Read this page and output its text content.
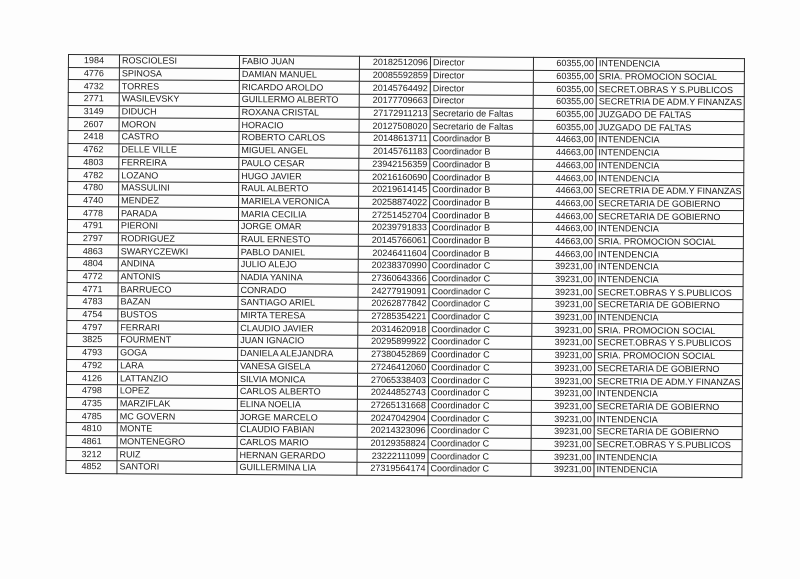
1984	ROSCIOLESI	FABIO JUAN	20182512096	Director	60355,00	INTENDENCIA
4776	SPINOSA	DAMIAN MANUEL	20085592859	Director	60355,00	SRIA. PROMOCION SOCIAL
4732	TORRES	RICARDO AROLDO	20145764492	Director	60355,00	SECRET.OBRAS Y S.PUBLICOS
2771	WASILEVSKY	GUILLERMO ALBERTO	20177709663	Director	60355,00	SECRETRIA DE ADM.Y FINANZAS
3149	DIDUCH	ROXANA CRISTAL	27172911213	Secretario de Faltas	60355,00	JUZGADO DE FALTAS
2607	MORON	HORACIO	20127508020	Secretario de Faltas	60355,00	JUZGADO DE FALTAS
2418	CASTRO	ROBERTO CARLOS	20148613711	Coordinador B	44663,00	INTENDENCIA
4762	DELLE VILLE	MIGUEL ANGEL	20145761183	Coordinador B	44663,00	INTENDENCIA
4803	FERREIRA	PAULO CESAR	23942156359	Coordinador B	44663,00	INTENDENCIA
4782	LOZANO	HUGO JAVIER	20216160690	Coordinador B	44663,00	INTENDENCIA
4780	MASSULINI	RAUL ALBERTO	20219614145	Coordinador B	44663,00	SECRETRIA DE ADM.Y FINANZAS
4740	MENDEZ	MARIELA VERONICA	20258874022	Coordinador B	44663,00	SECRETARIA DE GOBIERNO
4778	PARADA	MARIA CECILIA	27251452704	Coordinador B	44663,00	SECRETARIA DE GOBIERNO
4791	PIERONI	JORGE OMAR	20239791833	Coordinador B	44663,00	INTENDENCIA
2797	RODRIGUEZ	RAUL ERNESTO	20145766061	Coordinador B	44663,00	SRIA. PROMOCION SOCIAL
4863	SWARYCZEWKI	PABLO DANIEL	20246411604	Coordinador B	44663,00	INTENDENCIA
4804	ANDINA	JULIO ALEJO	20238370990	Coordinador C	39231,00	INTENDENCIA
4772	ANTONIS	NADIA YANINA	27360643366	Coordinador C	39231,00	INTENDENCIA
4771	BARRUECO	CONRADO	24277919091	Coordinador C	39231,00	SECRET.OBRAS Y S.PUBLICOS
4783	BAZAN	SANTIAGO ARIEL	20262877842	Coordinador C	39231,00	SECRETARIA DE GOBIERNO
4754	BUSTOS	MIRTA TERESA	27285354221	Coordinador C	39231,00	INTENDENCIA
4797	FERRARI	CLAUDIO JAVIER	20314620918	Coordinador C	39231,00	SRIA. PROMOCION SOCIAL
3825	FOURMENT	JUAN IGNACIO	20295899922	Coordinador C	39231,00	SECRET.OBRAS Y S.PUBLICOS
4793	GOGA	DANIELA ALEJANDRA	27380452869	Coordinador C	39231,00	SRIA. PROMOCION SOCIAL
4792	LARA	VANESA GISELA	27246412060	Coordinador C	39231,00	SECRETARIA DE GOBIERNO
4126	LATTANZIO	SILVIA MONICA	27065338403	Coordinador C	39231,00	SECRETRIA DE ADM.Y FINANZAS
4798	LOPEZ	CARLOS ALBERTO	20244852743	Coordinador C	39231,00	INTENDENCIA
4735	MARZIFLAK	ELINA NOELIA	27265131668	Coordinador C	39231,00	SECRETARIA DE GOBIERNO
4785	MC GOVERN	JORGE MARCELO	20247042904	Coordinador C	39231,00	INTENDENCIA
4810	MONTE	CLAUDIO FABIAN	20214323096	Coordinador C	39231,00	SECRETARIA DE GOBIERNO
4861	MONTENEGRO	CARLOS MARIO	20129358824	Coordinador C	39231,00	SECRET.OBRAS Y S.PUBLICOS
3212	RUIZ	HERNAN GERARDO	23222111099	Coordinador C	39231,00	INTENDENCIA
4852	SANTORI	GUILLERMINA LIA	27319564174	Coordinador C	39231,00	INTENDENCIA
